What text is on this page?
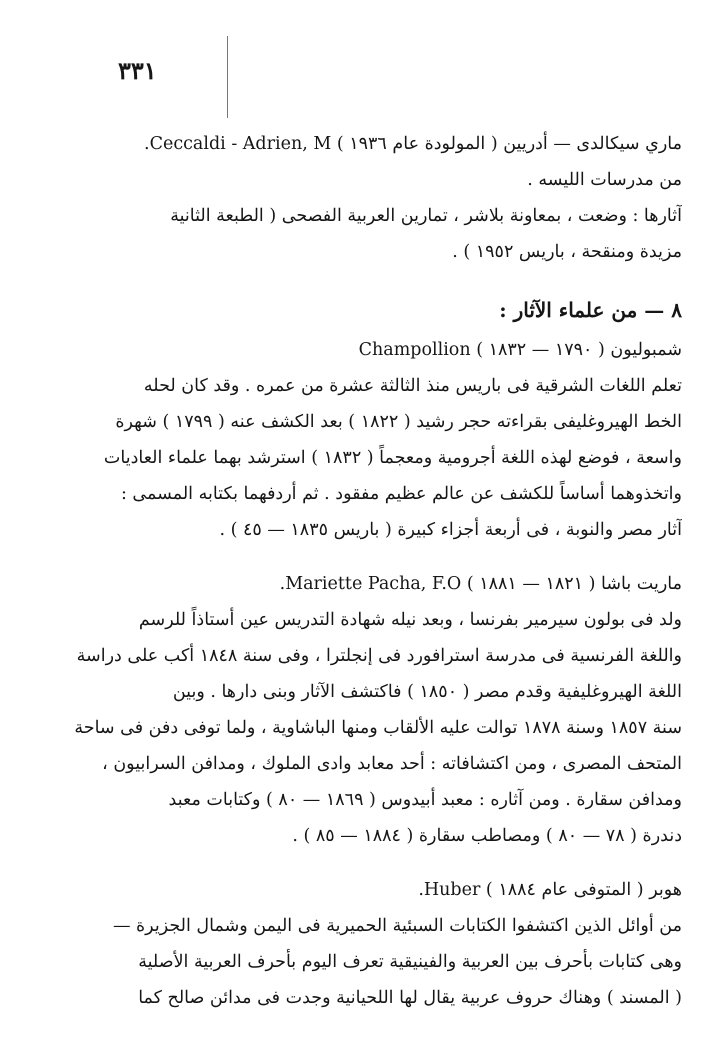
٣٣١
ماري سيكالدى — أدريين ( المولودة عام ١٩٣٦ ) Ceccaldi - Adrien, M.
من مدرسات الليسه .
آثارها : وضعت ، بمعاونة بلاشر ، تمارين العربية الفصحى ( الطبعة الثانية
مزيدة ومنقحة ، باريس ١٩٥٢ ) .
٨ — من علماء الآثار :
شمبوليون ( ١٧٩٠ — ١٨٣٢ ) Champollion
تعلم اللغات الشرقية فى باريس منذ الثالثة عشرة من عمره . وقد كان لحله
الخط الهيروغليفى بقراءته حجر رشيد ( ١٨٢٢ ) بعد الكشف عنه ( ١٧٩٩ ) شهرة
واسعة ، فوضع لهذه اللغة أجرومية ومعجماً ( ١٨٣٢ ) استرشد بهما علماء العاديات
واتخذوهما أساساً للكشف عن عالم عظيم مفقود . ثم أردفهما بكتابه المسمى :
آثار مصر والنوبة ، فى أربعة أجزاء كبيرة ( باريس ١٨٣٥ — ٤٥ ) .
ماريت باشا ( ١٨٢١ — ١٨٨١ ) Mariette Pacha, F.O.
ولد فى بولون سيرمير بفرنسا ، وبعد نيله شهادة التدريس عين أستاذاً للرسم
واللغة الفرنسية فى مدرسة استرافورد فى إنجلترا ، وفى سنة ١٨٤٨ أكب على دراسة
اللغة الهيروغليفية وقدم مصر ( ١٨٥٠ ) فاكتشف الآثار وبنى دارها . وبين
سنة ١٨٥٧ وسنة ١٨٧٨ توالت عليه الألقاب ومنها الباشاوية ، ولما توفى دفن فى ساحة
المتحف المصرى ، ومن اكتشافاته : أحد معابد وادى الملوك ، ومدافن السرابيون ،
ومدافن سقارة . ومن آثاره : معبد أبيدوس ( ١٨٦٩ — ٨٠ ) وكتابات معبد
دندرة ( ٧٨ — ٨٠ ) ومصاطب سقارة ( ١٨٨٤ — ٨٥ ) .
هوبر ( المتوفى عام ١٨٨٤ ) Huber.
من أوائل الذين اكتشفوا الكتابات السبئية الحميرية فى اليمن وشمال الجزيرة —
وهى كتابات بأحرف بين العربية والفينيقية تعرف اليوم بأحرف العربية الأصلية
( المسند ) وهناك حروف عربية يقال لها اللحيانية وجدت فى مدائن صالح كما
